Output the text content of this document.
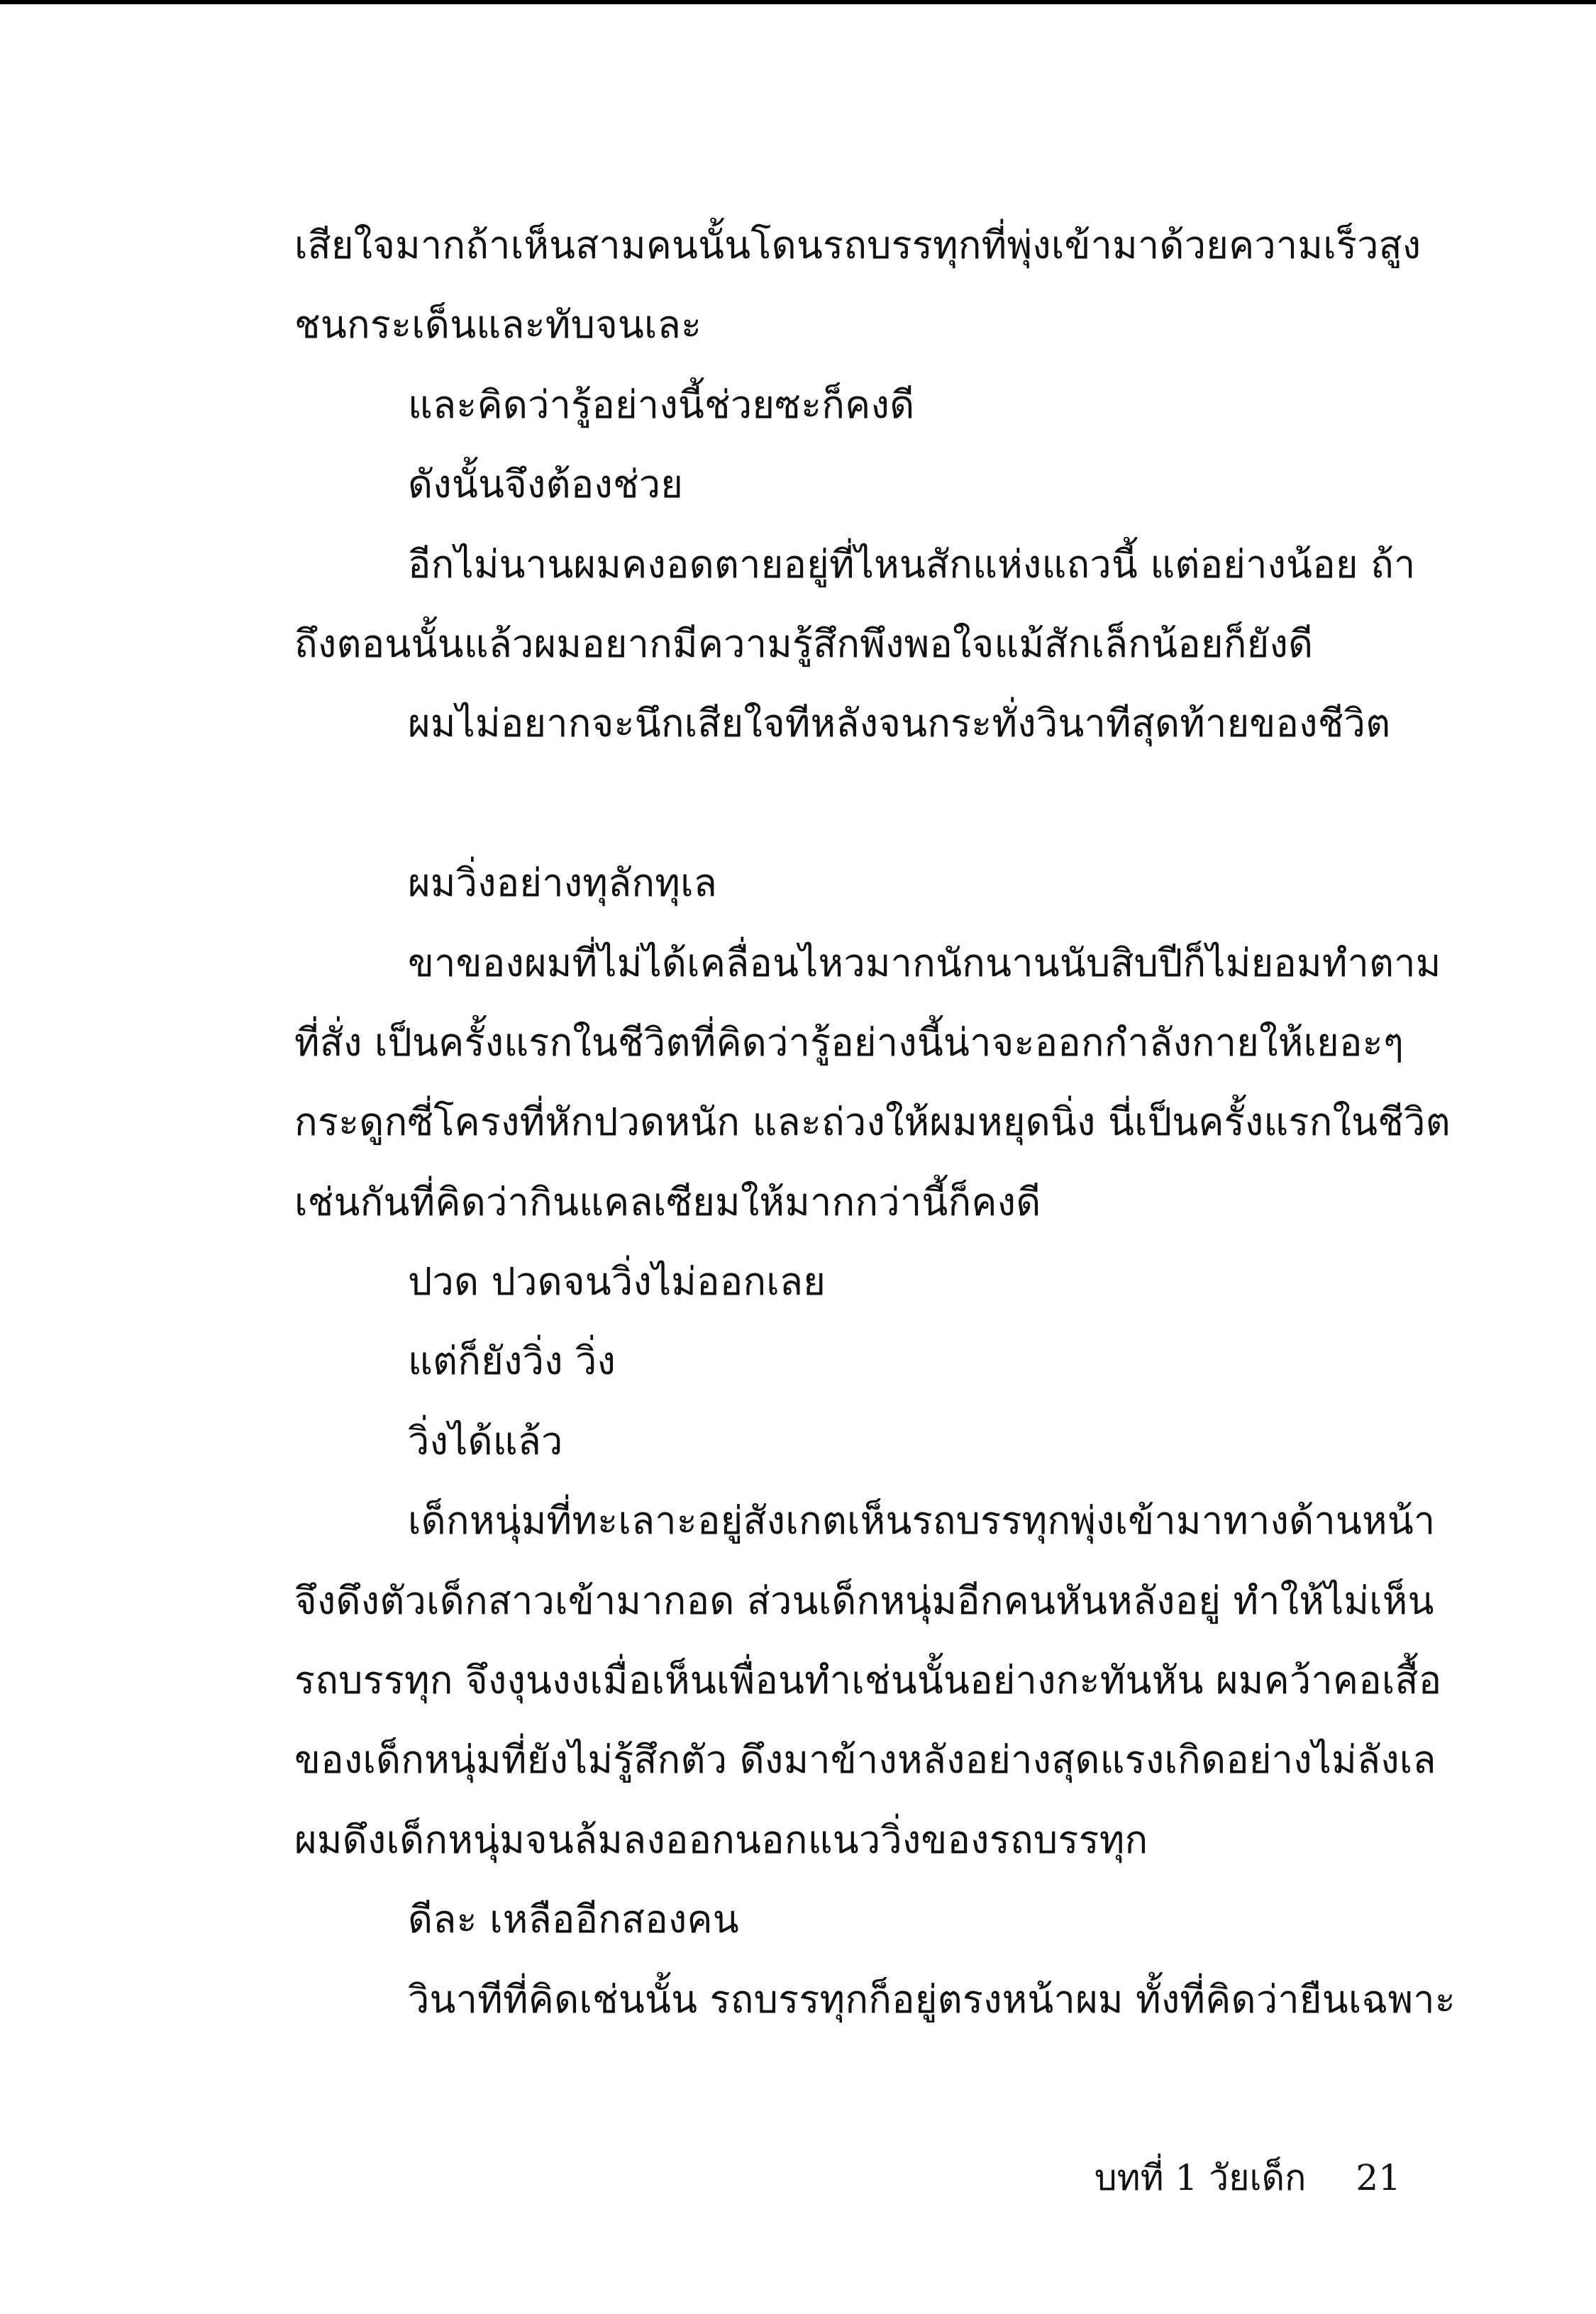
เสียใจมากถ้าเห็นสามคนนั้นโดนรถบรรทุกที่พุ่งเข้ามาด้วยความเร็วสูง
ชนกระเด็นและทับจนเละ
และคิดว่ารู้อย่างนี้ช่วยซะก็คงดี
ดังนั้นจึงต้องช่วย
อีกไม่นานผมคงอดตายอยู่ที่ไหนสักแห่งแถวนี้ แต่อย่างน้อย ถ้า
ถึงตอนนั้นแล้วผมอยากมีความรู้สึกพึงพอใจแม้สักเล็กน้อยก็ยังดี
ผมไม่อยากจะนึกเสียใจทีหลังจนกระทั่งวินาทีสุดท้ายของชีวิต
ผมวิ่งอย่างทุลักทุเล
ขาของผมที่ไม่ได้เคลื่อนไหวมากนักนานนับสิบปีก็ไม่ยอมทำตาม
ที่สั่ง เป็นครั้งแรกในชีวิตที่คิดว่ารู้อย่างนี้น่าจะออกกำลังกายให้เยอะๆ
กระดูกซี่โครงที่หักปวดหนัก และถ่วงให้ผมหยุดนิ่ง นี่เป็นครั้งแรกในชีวิต
เช่นกันที่คิดว่ากินแคลเซียมให้มากกว่านี้ก็คงดี
ปวด ปวดจนวิ่งไม่ออกเลย
แต่ก็ยังวิ่ง วิ่ง
วิ่งได้แล้ว
เด็กหนุ่มที่ทะเลาะอยู่สังเกตเห็นรถบรรทุกพุ่งเข้ามาทางด้านหน้า
จึงดึงตัวเด็กสาวเข้ามากอด ส่วนเด็กหนุ่มอีกคนหันหลังอยู่ ทำให้ไม่เห็น
รถบรรทุก จึงงุนงงเมื่อเห็นเพื่อนทำเช่นนั้นอย่างกะทันหัน ผมคว้าคอเสื้อ
ของเด็กหนุ่มที่ยังไม่รู้สึกตัว ดึงมาข้างหลังอย่างสุดแรงเกิดอย่างไม่ลังเล
ผมดึงเด็กหนุ่มจนล้มลงออกนอกแนววิ่งของรถบรรทุก
ดีละ เหลืออีกสองคน
วินาทีที่คิดเช่นนั้น รถบรรทุกก็อยู่ตรงหน้าผม ทั้งที่คิดว่ายืนเฉพาะ
บทที่ 1 วัยเด็ก 21
